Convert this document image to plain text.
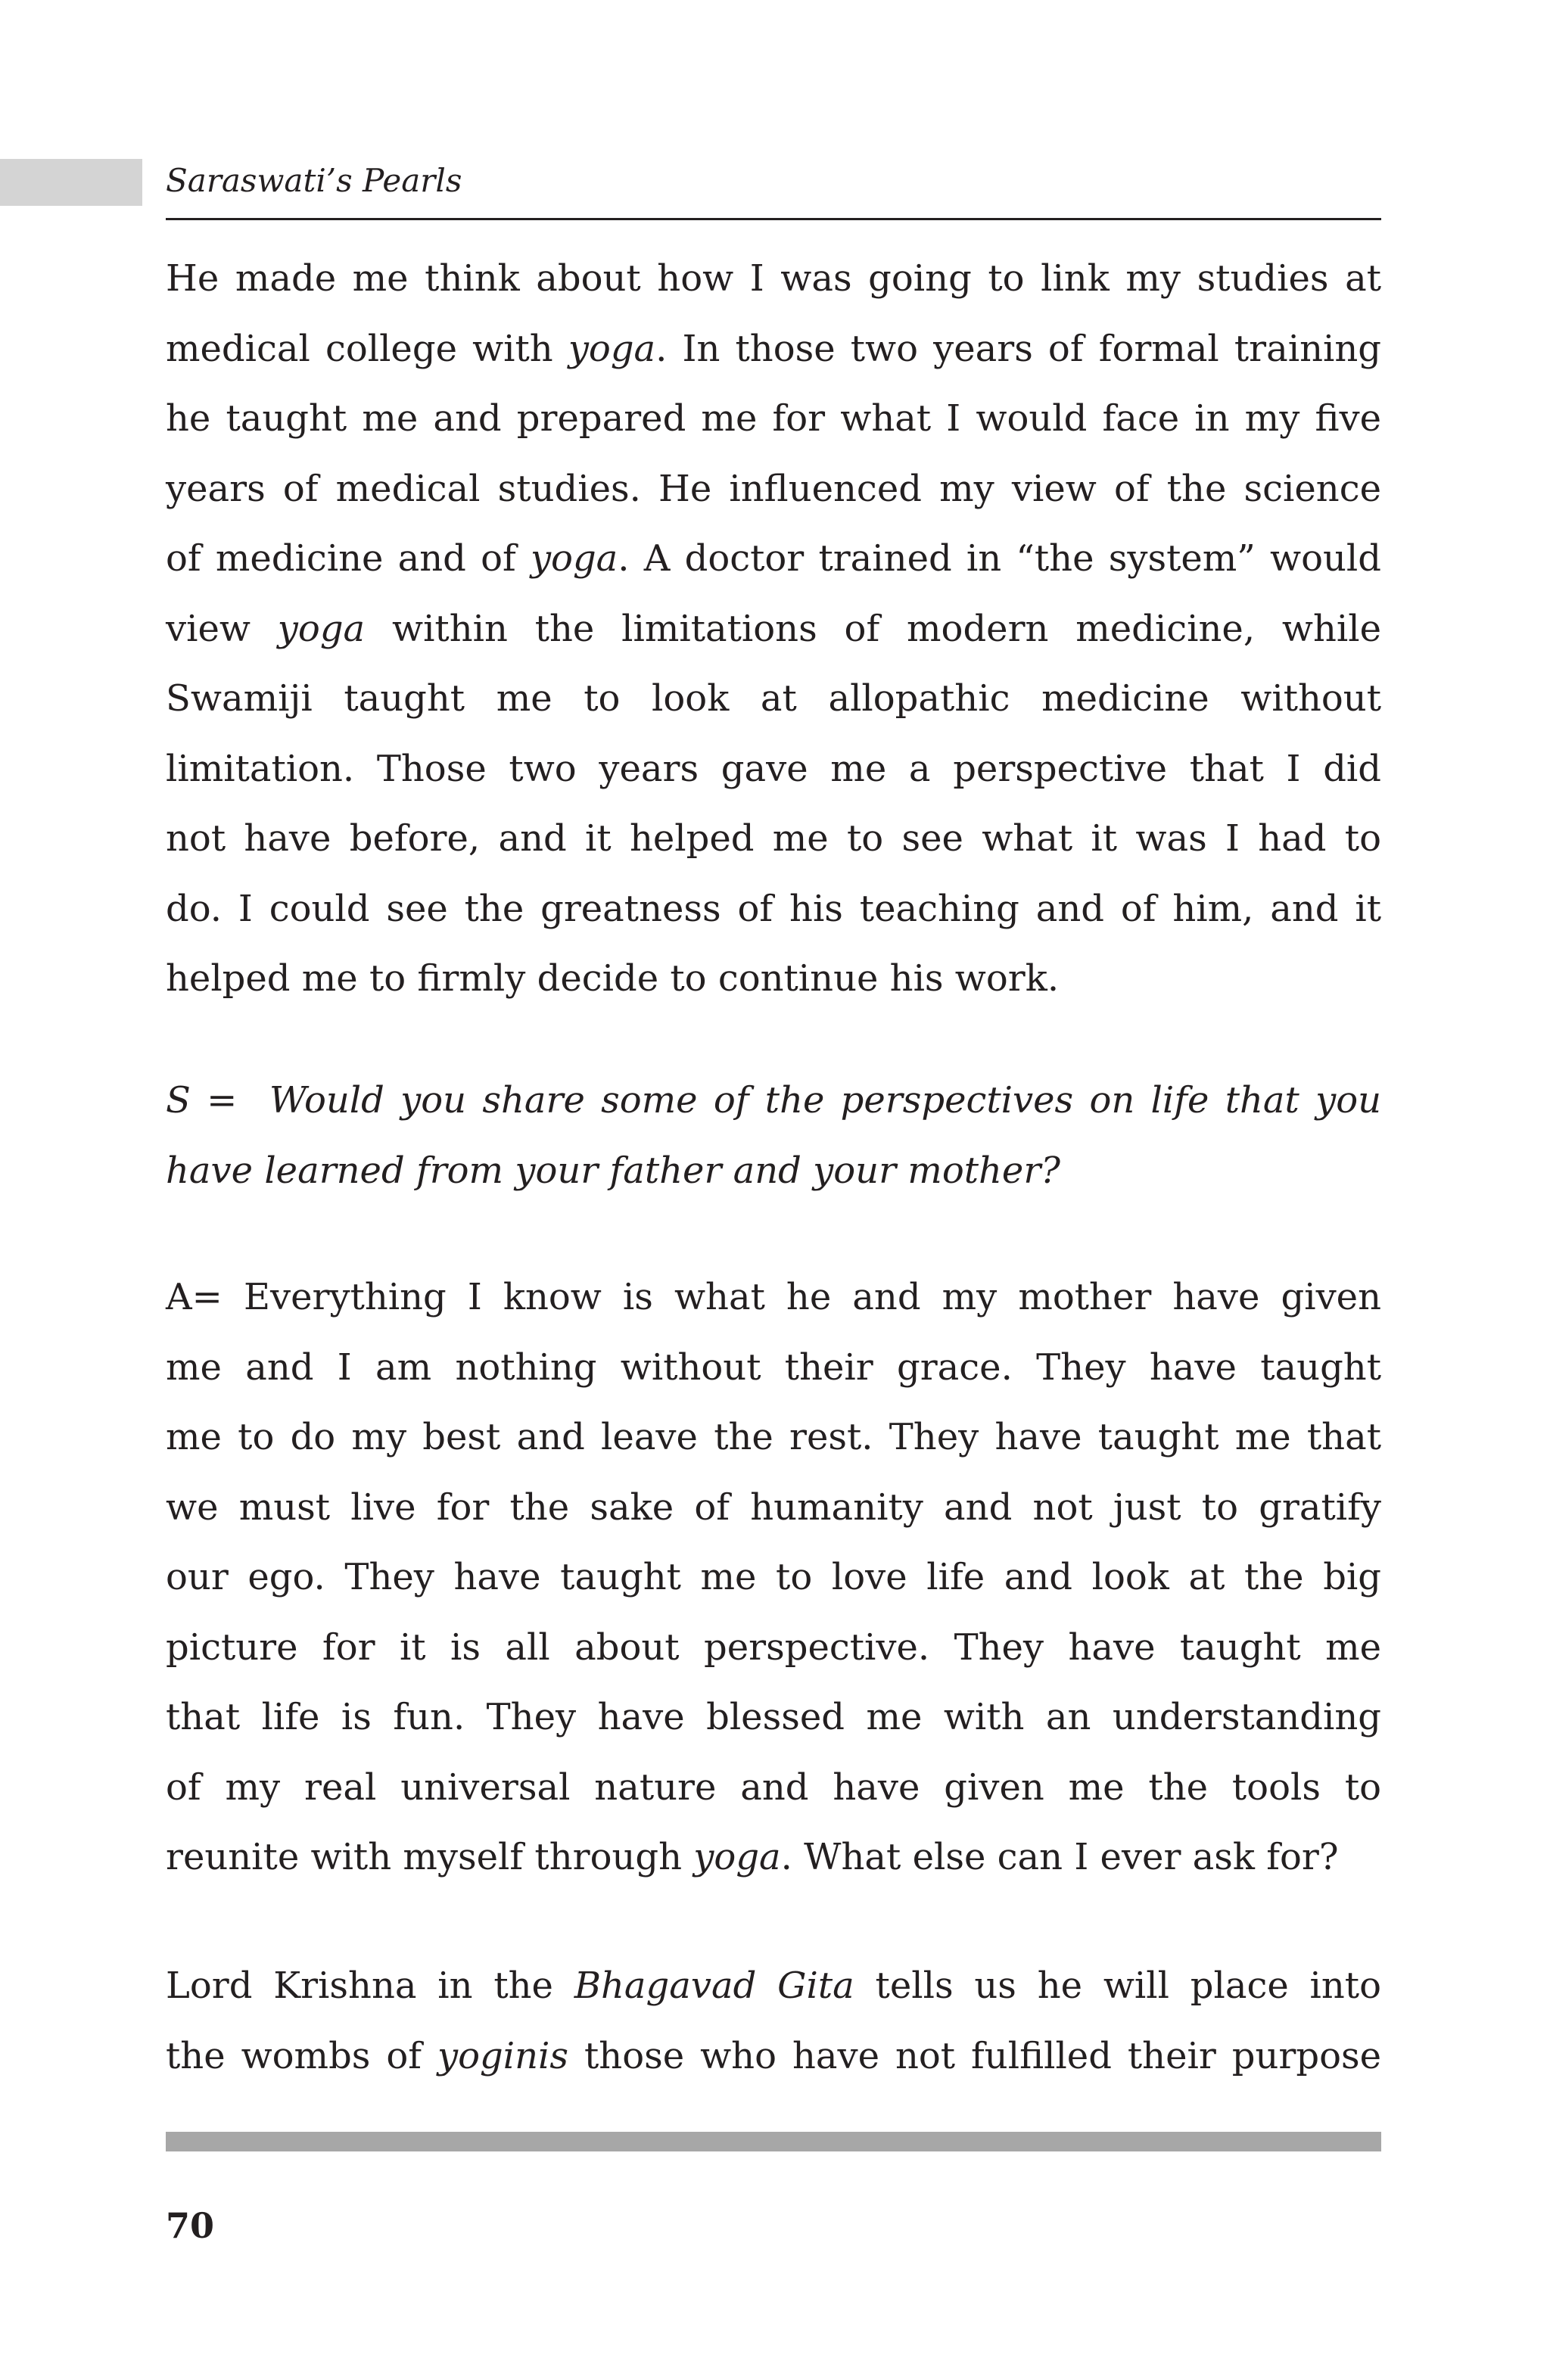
Saraswati’s Pearls
He made me think about how I was going to link my studies at
medical college with yoga. In those two years of formal training
he taught me and prepared me for what I would face in my five
years of medical studies. He influenced my view of the science
of medicine and of yoga. A doctor trained in “the system” would
view yoga within the limitations of modern medicine, while
Swamiji taught me to look at allopathic medicine without
limitation. Those two years gave me a perspective that I did
not have before, and it helped me to see what it was I had to
do. I could see the greatness of his teaching and of him, and it
helped me to firmly decide to continue his work.
S =  Would you share some of the perspectives on life that you
have learned from your father and your mother?
A= Everything I know is what he and my mother have given
me and I am nothing without their grace. They have taught
me to do my best and leave the rest. They have taught me that
we must live for the sake of humanity and not just to gratify
our ego. They have taught me to love life and look at the big
picture for it is all about perspective. They have taught me
that life is fun. They have blessed me with an understanding
of my real universal nature and have given me the tools to
reunite with myself through yoga. What else can I ever ask for?
Lord Krishna in the Bhagavad Gita tells us he will place into
the wombs of yoginis those who have not fulfilled their purpose
70
